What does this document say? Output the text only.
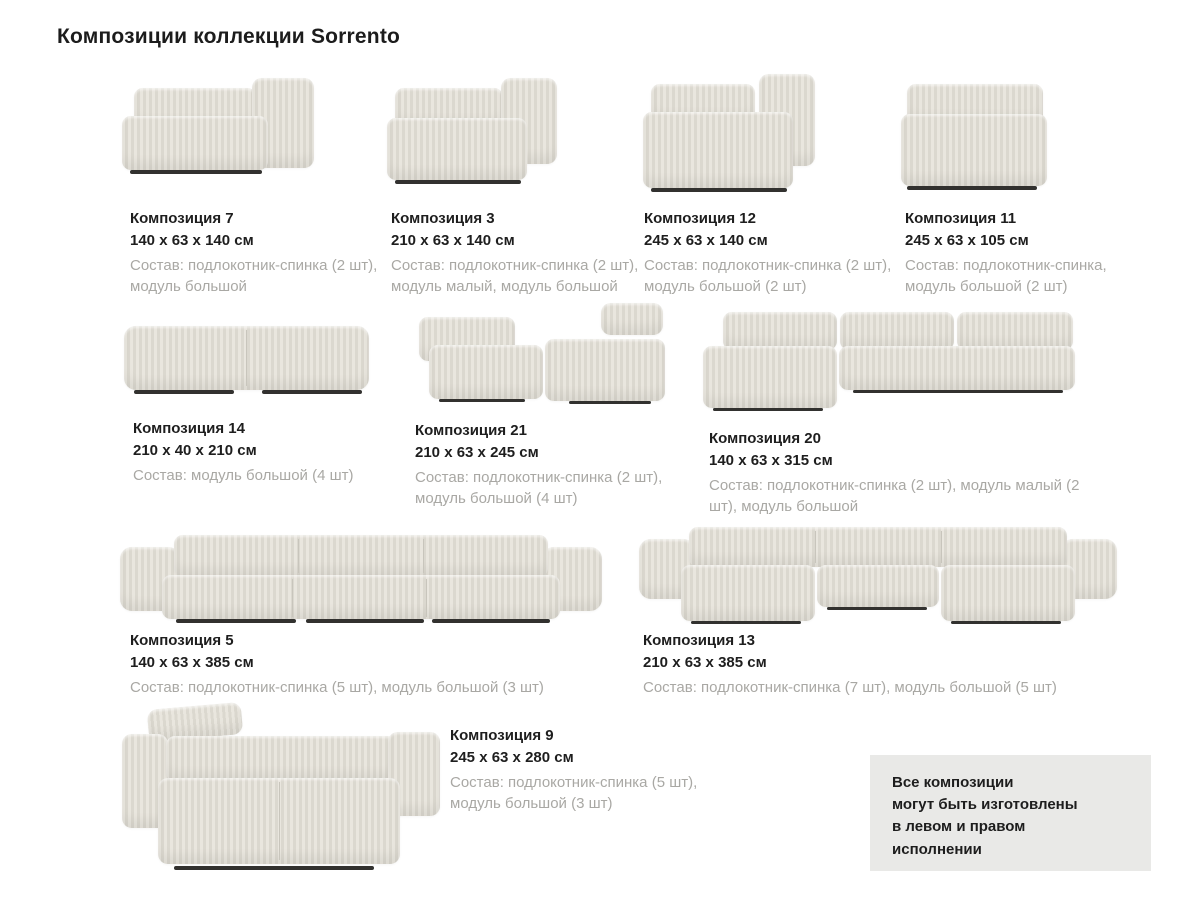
Композиции коллекции Sorrento
Композиция 7
140 x 63 x 140 см
Состав: подлокотник-спинка (2 шт), модуль большой
Композиция 3
210 x 63 x 140 см
Состав: подлокотник-спинка (2 шт), модуль малый, модуль большой
Композиция 12
245 x 63 x 140 см
Состав: подлокотник-спинка (2 шт), модуль большой (2 шт)
Композиция 11
245 x 63 x 105 см
Состав: подлокотник-спинка, модуль большой (2 шт)
Композиция 14
210 x 40 x 210 см
Состав: модуль большой (4 шт)
Композиция 21
210 x 63 x 245 см
Состав: подлокотник-спинка (2 шт), модуль большой (4 шт)
Композиция 20
140 x 63 x 315 см
Состав: подлокотник-спинка (2 шт), модуль малый (2 шт), модуль большой
Композиция 5
140 x 63 x 385 см
Состав: подлокотник-спинка (5 шт), модуль большой (3 шт)
Композиция 13
210 x 63 x 385 см
Состав: подлокотник-спинка (7 шт), модуль большой (5 шт)
Композиция 9
245 x 63 x 280 см
Состав: подлокотник-спинка (5 шт), модуль большой (3 шт)
Все композиции
могут быть изготовлены
в левом и правом
исполнении
